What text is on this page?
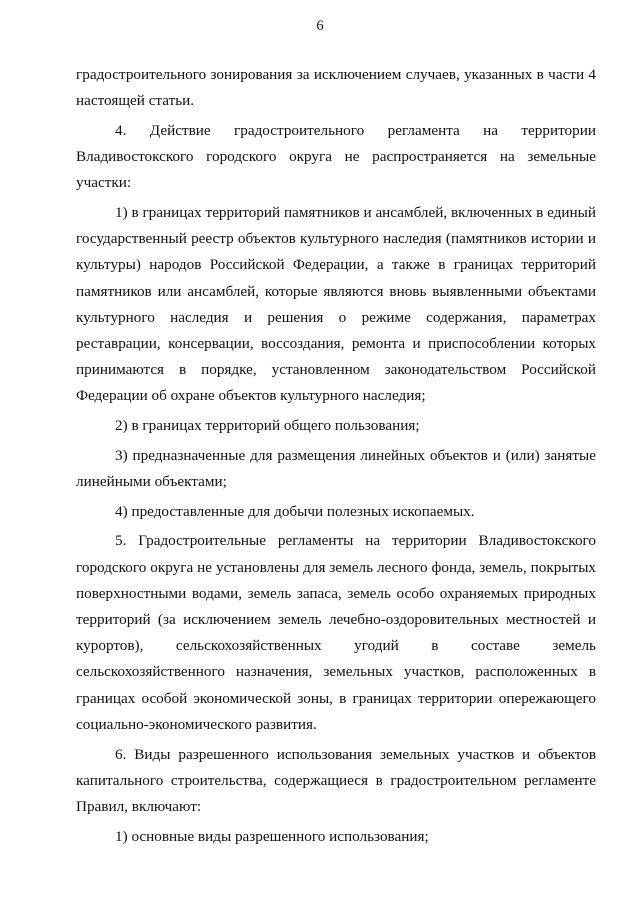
6

градостроительного зонирования за исключением случаев, указанных в части 4 настоящей статьи.

4. Действие градостроительного регламента на территории Владивостокского городского округа не распространяется на земельные участки:

1) в границах территорий памятников и ансамблей, включенных в единый государственный реестр объектов культурного наследия (памятников истории и культуры) народов Российской Федерации, а также в границах территорий памятников или ансамблей, которые являются вновь выявленными объектами культурного наследия и решения о режиме содержания, параметрах реставрации, консервации, воссоздания, ремонта и приспособлении которых принимаются в порядке, установленном законодательством Российской Федерации об охране объектов культурного наследия;

2) в границах территорий общего пользования;

3) предназначенные для размещения линейных объектов и (или) занятые линейными объектами;

4) предоставленные для добычи полезных ископаемых.

5. Градостроительные регламенты на территории Владивостокского городского округа не установлены для земель лесного фонда, земель, покрытых поверхностными водами, земель запаса, земель особо охраняемых природных территорий (за исключением земель лечебно-оздоровительных местностей и курортов), сельскохозяйственных угодий в составе земель сельскохозяйственного назначения, земельных участков, расположенных в границах особой экономической зоны, в границах территории опережающего социально-экономического развития.

6. Виды разрешенного использования земельных участков и объектов капитального строительства, содержащиеся в градостроительном регламенте Правил, включают:

1) основные виды разрешенного использования;
